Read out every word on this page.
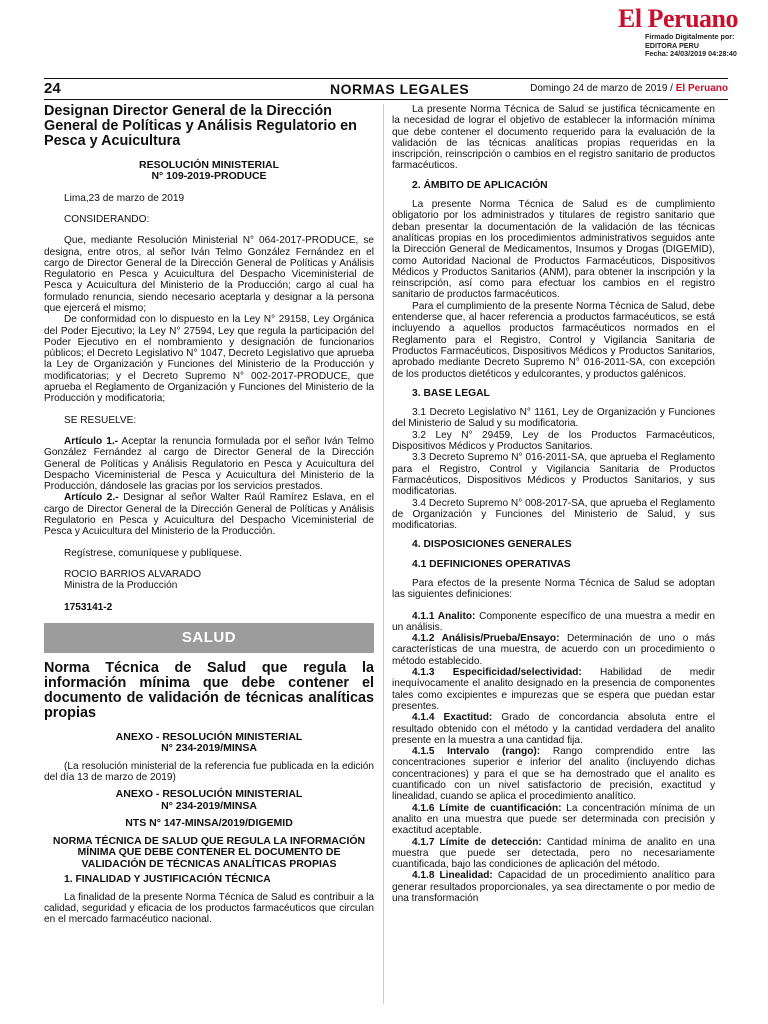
El Peruano
Firmado Digitalmente por:
EDITORA PERU
Fecha: 24/03/2019 04:28:40
24	NORMAS LEGALES	Domingo 24 de marzo de 2019 / El Peruano
Designan Director General de la Dirección General de Políticas y Análisis Regulatorio en Pesca y Acuicultura
RESOLUCIÓN MINISTERIAL
N° 109-2019-PRODUCE

Lima,23 de marzo de 2019

CONSIDERANDO:

Que, mediante Resolución Ministerial N° 064-2017-PRODUCE, se designa, entre otros, al señor Iván Telmo González Fernández en el cargo de Director General de la Dirección General de Políticas y Análisis Regulatorio en Pesca y Acuicultura del Despacho Viceministerial de Pesca y Acuicultura del Ministerio de la Producción; cargo al cual ha formulado renuncia, siendo necesario aceptarla y designar a la persona que ejercerá el mismo;

De conformidad con lo dispuesto en la Ley N° 29158, Ley Orgánica del Poder Ejecutivo; la Ley N° 27594, Ley que regula la participación del Poder Ejecutivo en el nombramiento y designación de funcionarios públicos; el Decreto Legislativo N° 1047, Decreto Legislativo que aprueba la Ley de Organización y Funciones del Ministerio de la Producción y modificatorias; y el Decreto Supremo N° 002-2017-PRODUCE, que aprueba el Reglamento de Organización y Funciones del Ministerio de la Producción y modificatoria;

SE RESUELVE:

Artículo 1.- Aceptar la renuncia formulada por el señor Iván Telmo González Fernández al cargo de Director General de la Dirección General de Políticas y Análisis Regulatorio en Pesca y Acuicultura del Despacho Viceministerial de Pesca y Acuicultura del Ministerio de la Producción, dándosele las gracias por los servicios prestados.

Artículo 2.- Designar al señor Walter Raúl Ramírez Eslava, en el cargo de Director General de la Dirección General de Políticas y Análisis Regulatorio en Pesca y Acuicultura del Despacho Viceministerial de Pesca y Acuicultura del Ministerio de la Producción.

Regístrese, comuníquese y publíquese.

ROCIO BARRIOS ALVARADO

Ministra de la Producción

1753141-2

SALUD
Norma Técnica de Salud que regula la información mínima que debe contener el documento de validación de técnicas analíticas propias
ANEXO - RESOLUCIÓN MINISTERIAL
N° 234-2019/MINSA

(La resolución ministerial de la referencia fue publicada en la edición del día 13 de marzo de 2019)

ANEXO - RESOLUCIÓN MINISTERIAL
N° 234-2019/MINSA
NTS N° 147-MINSA/2019/DIGEMID
NORMA TÉCNICA DE SALUD QUE REGULA LA INFORMACIÓN MÍNIMA QUE DEBE CONTENER EL DOCUMENTO DE VALIDACIÓN DE TÉCNICAS ANALÍTICAS PROPIAS
1. FINALIDAD Y JUSTIFICACIÓN TÉCNICA

La finalidad de la presente Norma Técnica de Salud es contribuir a la calidad, seguridad y eficacia de los productos farmacéuticos que circulan en el mercado farmacéutico nacional.

La presente Norma Técnica de Salud se justifica técnicamente en la necesidad de lograr el objetivo de establecer la información mínima que debe contener el documento requerido para la evaluación de la validación de las técnicas analíticas propias requeridas en la inscripción, reinscripción o cambios en el registro sanitario de productos farmacéuticos.

2. ÁMBITO DE APLICACIÓN

La presente Norma Técnica de Salud es de cumplimiento obligatorio por los administrados y titulares de registro sanitario que deban presentar la documentación de la validación de las técnicas analíticas propias en los procedimientos administrativos seguidos ante la Dirección General de Medicamentos, Insumos y Drogas (DIGEMID), como Autoridad Nacional de Productos Farmacéuticos, Dispositivos Médicos y Productos Sanitarios (ANM), para obtener la inscripción y la reinscripción, así como para efectuar los cambios en el registro sanitario de productos farmacéuticos.

Para el cumplimiento de la presente Norma Técnica de Salud, debe entenderse que, al hacer referencia a productos farmacéuticos, se está incluyendo a aquellos productos farmacéuticos normados en el Reglamento para el Registro, Control y Vigilancia Sanitaria de Productos Farmacéuticos, Dispositivos Médicos y Productos Sanitarios, aprobado mediante Decreto Supremo N° 016-2011-SA, con excepción de los productos dietéticos y edulcorantes, y productos galénicos.

3. BASE LEGAL

3.1 Decreto Legislativo N° 1161, Ley de Organización y Funciones del Ministerio de Salud y su modificatoria.

3.2 Ley N° 29459, Ley de los Productos Farmacéuticos, Dispositivos Médicos y Productos Sanitarios.

3.3 Decreto Supremo N° 016-2011-SA, que aprueba el Reglamento para el Registro, Control y Vigilancia Sanitaria de Productos Farmacéuticos, Dispositivos Médicos y Productos Sanitarios, y sus modificatorias.

3.4 Decreto Supremo N° 008-2017-SA, que aprueba el Reglamento de Organización y Funciones del Ministerio de Salud, y sus modificatorias.

4. DISPOSICIONES GENERALES
4.1 DEFINICIONES OPERATIVAS

Para efectos de la presente Norma Técnica de Salud se adoptan las siguientes definiciones:

4.1.1 Analito: Componente específico de una muestra a medir en un análisis.

4.1.2 Análisis/Prueba/Ensayo: Determinación de uno o más características de una muestra, de acuerdo con un procedimiento o método establecido.

4.1.3 Especificidad/selectividad: Habilidad de medir inequívocamente el analito designado en la presencia de componentes tales como excipientes e impurezas que se espera que puedan estar presentes.

4.1.4 Exactitud: Grado de concordancia absoluta entre el resultado obtenido con el método y la cantidad verdadera del analito presente en la muestra a una cantidad fija.

4.1.5 Intervalo (rango): Rango comprendido entre las concentraciones superior e inferior del analito (incluyendo dichas concentraciones) y para el que se ha demostrado que el analito es cuantificado con un nivel satisfactorio de precisión, exactitud y linealidad, cuando se aplica el procedimiento analítico.

4.1.6 Límite de cuantificación: La concentración mínima de un analito en una muestra que puede ser determinada con precisión y exactitud aceptable.

4.1.7 Límite de detección: Cantidad mínima de analito en una muestra que puede ser detectada, pero no necesariamente cuantificada, bajo las condiciones de aplicación del método.

4.1.8 Linealidad: Capacidad de un procedimiento analítico para generar resultados proporcionales, ya sea directamente o por medio de una transformación
